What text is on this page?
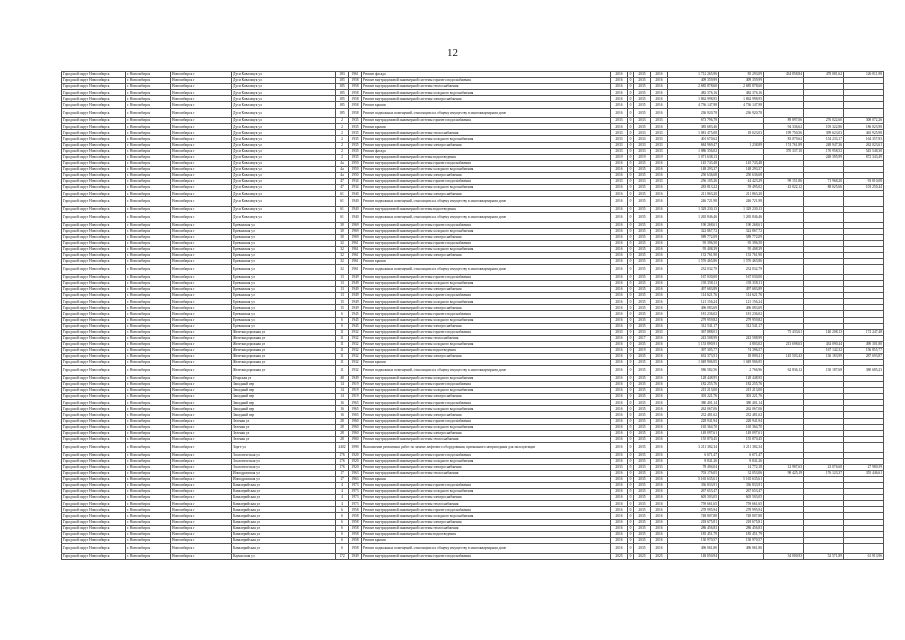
12
Городской округ Новосибирск	г. Новосибирск	Новосибирск г	Дуси Ковальчук ул	183	1961	Ремонт фасада	2016	0	2035	2016	1 712 265,96	85 293,09	434 858,84	478 081,62	126 811,98
Городской округ Новосибирск	г. Новосибирск	Новосибирск г	Дуси Ковальчук ул	185	1958	Ремонт внутридомовой инженерной системы горячего водоснабжения	2016	0	2035	2016	409 359,99	409 359,99			
Городской округ Новосибирск	г. Новосибирск	Новосибирск г	Дуси Ковальчук ул	185	1958	Ремонт внутридомовой инженерной системы теплоснабжения	2016	0	2035	2016	2 685 878,60	2 685 878,60			
Городской округ Новосибирск	г. Новосибирск	Новосибирск г	Дуси Ковальчук ул	185	1958	Ремонт внутридомовой инженерной системы холодного водоснабжения	2016	0	2035	2016	482 376,16	482 376,16			
Городской округ Новосибирск	г. Новосибирск	Новосибирск г	Дуси Ковальчук ул	185	1958	Ремонт внутридомовой инженерной системы электроснабжения	2016	0	2035	2016	1 862 998,95	1 862 998,95			
Городской округ Новосибирск	г. Новосибирск	Новосибирск г	Дуси Ковальчук ул	185	1958	Ремонт крыши	2016	0	2035	2016	4 736 147,98	4 736 147,98			
Городской округ Новосибирск	г. Новосибирск	Новосибирск г	Дуси Ковальчук ул	185	1958	Ремонт подвальных помещений, относящихся к общему имуществу в многоквартирном доме	2016	0	2035	2016	236 920,78	236 920,78			
Городской округ Новосибирск	г. Новосибирск	Новосибирск г	Дуси Ковальчук ул	2	1935	Ремонт внутридомовой инженерной системы горячего водоснабжения	2033	0	2033	2033	673 796,78		89 897,06	276 022,60	308 072,26
Городской округ Новосибирск	г. Новосибирск	Новосибирск г	Дуси Ковальчук ул	2	1935	Ремонт крыши	2016	0	2035	2016	385 683,46		94 336,62	105 322,86	186 023,98
Городской округ Новосибирск	г. Новосибирск	Новосибирск г	Дуси Ковальчук ул	2	1935	Ремонт внутридомовой инженерной системы теплоснабжения	2033	0	2033	2033	1 081 475,08	18 023,03	199 750,56	399 623,03	463 925,98
Городской округ Новосибирск	г. Новосибирск	Новосибирск г	Дуси Ковальчук ул	2	1935	Ремонт внутридомовой инженерной системы холодного водоснабжения	2033	0	2033	2033	401 670,62		83 079,62	154 233,17	164 357,83
Городской округ Новосибирск	г. Новосибирск	Новосибирск г	Дуси Ковальчук ул	2	1935	Ремонт внутридомовой инженерной системы электроснабжения	2033	0	2033	2033	684 969,47	1 238,89	174 761,89	248 947,36	262 023,61
Городской округ Новосибирск	г. Новосибирск	Новосибирск г	Дуси Ковальчук ул	2	1935	Ремонт фасада	2033	0	2033	2033	1 086 356,02		370 337,10	170 958,52	545 548,30
Городской округ Новосибирск	г. Новосибирск	Новосибирск г	Дуси Ковальчук ул	2	1935	Ремонт внутридомовой инженерной системы водоотведения	2019	0	2019	2019	1 071 638,13			248 395,99	872 343,49
Городской округ Новосибирск	г. Новосибирск	Новосибирск г	Дуси Ковальчук ул	4а	1950	Ремонт внутридомовой инженерной системы горячего водоснабжения	2016	0	2035	2016	145 743,48	145 743,48			
Городской округ Новосибирск	г. Новосибирск	Новосибирск г	Дуси Ковальчук ул	4а	1950	Ремонт внутридомовой инженерной системы холодного водоснабжения	2016	0	2035	2016	148 293,37	148 293,37			
Городской округ Новосибирск	г. Новосибирск	Новосибирск г	Дуси Ковальчук ул	4а	1950	Ремонт внутридомовой инженерной системы электроснабжения	2016	0	2035	2016	250 636,68	250 636,68			
Городской округ Новосибирск	г. Новосибирск	Новосибирск г	Дуси Ковальчук ул	47	1934	Ремонт внутридомовой инженерной системы горячего водоснабжения	2033	0	2033	2033	256 105,26	44 423,29	99 151,86	71 968,20	93 810,08
Городской округ Новосибирск	г. Новосибирск	Новосибирск г	Дуси Ковальчук ул	47	1934	Ремонт внутридомовой инженерной системы холодного водоснабжения	2016	0	2035	2016	283 813,22	59 495,02	43 022,12	88 025,66	103 250,44
Городской округ Новосибирск	г. Новосибирск	Новосибирск г	Дуси Ковальчук ул	61	1940	Ремонт внутридомовой инженерной системы электроснабжения	2016	0	2035	2016	211 863,20	211 863,20			
Городской округ Новосибирск	г. Новосибирск	Новосибирск г	Дуси Ковальчук ул	61	1940	Ремонт подвальных помещений, относящихся к общему имуществу в многоквартирном доме	2016	0	2035	2016	246 721,98	246 721,98			
Городской округ Новосибирск	г. Новосибирск	Новосибирск г	Дуси Ковальчук ул	61	1940	Ремонт внутридомовой инженерной системы водоотведения	2016	0	2035	2016	1 329 230,13	1 329 230,13			
Городской округ Новосибирск	г. Новосибирск	Новосибирск г	Дуси Ковальчук ул	61	1940	Ремонт подвальных помещений, относящихся к общему имуществу в многоквартирном доме	2016	0	2035	2016	1 265 846,46	1 265 846,46			
Городской округ Новосибирск	г. Новосибирск	Новосибирск г	Ереванская ул	30	1969	Ремонт внутридомовой инженерной системы горячего водоснабжения	2016	0	2035	2016	190 268,61	190 268,61			
Городской округ Новосибирск	г. Новосибирск	Новосибирск г	Ереванская ул	30	1969	Ремонт внутридомовой инженерной системы холодного водоснабжения	2016	0	2035	2016	322 867,72	322 867,72			
Городской округ Новосибирск	г. Новосибирск	Новосибирск г	Ереванская ул	30	1969	Ремонт внутридомовой инженерной системы электроснабжения	2016	0	2035	2016	589 772,09	589 772,09			
Городской округ Новосибирск	г. Новосибирск	Новосибирск г	Ереванская ул	32	1961	Ремонт внутридомовой инженерной системы горячего водоснабжения	2016	0	2035	2016	95 396,50	95 396,50			
Городской округ Новосибирск	г. Новосибирск	Новосибирск г	Ереванская ул	32	1961	Ремонт внутридомовой инженерной системы холодного водоснабжения	2016	0	2035	2016	95 408,39	95 408,39			
Городской округ Новосибирск	г. Новосибирск	Новосибирск г	Ереванская ул	32	1961	Ремонт внутридомовой инженерной системы электроснабжения	2016	0	2035	2016	133 761,90	133 761,90			
Городской округ Новосибирск	г. Новосибирск	Новосибирск г	Ереванская ул	32	1961	Ремонт крыши	2016	0	2035	2016	1 576 465,86	1 576 465,86			
Городской округ Новосибирск	г. Новосибирск	Новосибирск г	Ереванская ул	32	1961	Ремонт подвальных помещений, относящихся к общему имуществу в многоквартирном доме	2016	0	2035	2016	232 032,79	232 032,79			
Городской округ Новосибирск	г. Новосибирск	Новосибирск г	Ереванская ул	13	1949	Ремонт внутридомовой инженерной системы горячего водоснабжения	2016	0	2035	2016	167 030,00	167 030,00			
Городской округ Новосибирск	г. Новосибирск	Новосибирск г	Ереванская ул	13	1949	Ремонт внутридомовой инженерной системы холодного водоснабжения	2016	0	2035	2016	193 358,11	193 358,11			
Городской округ Новосибирск	г. Новосибирск	Новосибирск г	Ереванская ул	13	1949	Ремонт внутридомовой инженерной системы электроснабжения	2016	0	2035	2016	497 683,89	497 683,89			
Городской округ Новосибирск	г. Новосибирск	Новосибирск г	Ереванская ул	13	1949	Ремонт внутридомовой инженерной системы горячего водоснабжения	2016	0	2035	2016	114 621,76	114 621,76			
Городской округ Новосибирск	г. Новосибирск	Новосибирск г	Ереванская ул	15	1949	Ремонт внутридомовой инженерной системы холодного водоснабжения	2016	0	2035	2016	121 156,24	121 156,24			
Городской округ Новосибирск	г. Новосибирск	Новосибирск г	Ереванская ул	15	1949	Ремонт внутридомовой инженерной системы электроснабжения	2016	0	2035	2016	496 083,69	496 083,69			
Городской округ Новосибирск	г. Новосибирск	Новосибирск г	Ереванская ул	6	1945	Ремонт внутридомовой инженерной системы горячего водоснабжения	2016	0	2035	2016	181 236,02	181 236,02			
Городской округ Новосибирск	г. Новосибирск	Новосибирск г	Ереванская ул	6	1945	Ремонт внутридомовой инженерной системы холодного водоснабжения	2016	0	2035	2016	279 959,82	279 959,82			
Городской округ Новосибирск	г. Новосибирск	Новосибирск г	Ереванская ул	6	1945	Ремонт внутридомовой инженерной системы электроснабжения	2016	0	2035	2016	312 541,17	312 541,17			
Городской округ Новосибирск	г. Новосибирск	Новосибирск г	Железнодорожная ул	11	1932	Ремонт внутридомовой инженерной системы горячего водоснабжения	2033	0	2033	2033	367 888,01		75 433,61	140 208,13	172 247,48
Городской округ Новосибирск	г. Новосибирск	Новосибирск г	Железнодорожная ул	11	1932	Ремонт внутридомовой инженерной системы теплоснабжения	2016	0	2017	2016	243 508,99	243 508,99			
Городской округ Новосибирск	г. Новосибирск	Новосибирск г	Железнодорожная ул	11	1932	Ремонт внутридомовой инженерной системы холодного водоснабжения	2016	0	2035	2016	1 153 890,91	4 803,02	213 698,63	434 090,44	490 301,80
Городской округ Новосибирск	г. Новосибирск	Новосибирск г	Железнодорожная ул	11	1932	Ремонт внутридомовой инженерной системы водоотведения	2016	0	2019	2016	397 305,77	74 396,57		167 142,32	156 855,77
Городской округ Новосибирск	г. Новосибирск	Новосибирск г	Железнодорожная ул	11	1932	Ремонт внутридомовой инженерной системы электроснабжения	2016	0	2035	2016	633 373,51	18 809,21	145 503,43	136 183,99	287 693,87
Городской округ Новосибирск	г. Новосибирск	Новосибирск г	Железнодорожная ул	11	1932	Ремонт крыши	2016	0	2035	2016	1 049 906,95	1 049 906,95			
Городской округ Новосибирск	г. Новосибирск	Новосибирск г	Железнодорожная ул	11	1932	Ремонт подвальных помещений, относящихся к общему имуществу в многоквартирном доме	2016	0	2035	2016	586 582,56	2 766,96	62 836,12	130 187,68	380 685,23
Городской округ Новосибирск	г. Новосибирск	Новосибирск г	Игарская ул	48	1949	Ремонт внутридомовой инженерной системы холодного водоснабжения	2016	0	2035	2016	128 448,95	128 448,95			
Городской округ Новосибирск	г. Новосибирск	Новосибирск г	Западный пер	14	1919	Ремонт внутридомовой инженерной системы горячего водоснабжения	2016	0	2035	2016	182 255,76	182 255,76			
Городской округ Новосибирск	г. Новосибирск	Новосибирск г	Западный пер	14	1919	Ремонт внутридомовой инженерной системы холодного водоснабжения	2016	0	2035	2016	215 213,00	215 213,00			
Городской округ Новосибирск	г. Новосибирск	Новосибирск г	Западный пер	14	1919	Ремонт внутридомовой инженерной системы электроснабжения	2016	0	2035	2016	303 221,76	303 221,76			
Городской округ Новосибирск	г. Новосибирск	Новосибирск г	Западный пер	16	1965	Ремонт внутридомовой инженерной системы горячего водоснабжения	2016	0	2035	2016	380 401,14	380 401,14			
Городской округ Новосибирск	г. Новосибирск	Новосибирск г	Западный пер	16	1965	Ремонт внутридомовой инженерной системы холодного водоснабжения	2016	0	2035	2016	262 067,06	262 067,06			
Городской округ Новосибирск	г. Новосибирск	Новосибирск г	Западный пер	16	1965	Ремонт внутридомовой инженерной системы электроснабжения	2016	0	2035	2016	232 481,62	232 481,62			
Городской округ Новосибирск	г. Новосибирск	Новосибирск г	Зеленая ул	28	1960	Ремонт внутридомовой инженерной системы горячего водоснабжения	2016	0	2035	2016	228 941,94	228 941,94			
Городской округ Новосибирск	г. Новосибирск	Новосибирск г	Зеленая ул	28	1960	Ремонт внутридомовой инженерной системы холодного водоснабжения	2016	0	2035	2016	165 364,70	165 364,70			
Городской округ Новосибирск	г. Новосибирск	Новосибирск г	Зеленая ул	28	1960	Ремонт внутридомовой инженерной системы электроснабжения	2016	0	2035	2016	149 097,61	149 097,61			
Городской округ Новосибирск	г. Новосибирск	Новосибирск г	Зеленая ул	28	1960	Ремонт внутридомовой инженерной системы теплоснабжения	2016	0	2035	2016	155 870,45	155 870,45			
Городской округ Новосибирск	г. Новосибирск	Новосибирск г	Зорге ул	2402	1990	Выполнение ремонтных работ по замене лифтового оборудования, признанного непригодным для эксплуатации	2016	0	2035	2016	3 211 382,34	3 211 382,34			
Городской округ Новосибирск	г. Новосибирск	Новосибирск г	Зоологическая ул	176	1920	Ремонт внутридомовой инженерной системы горячего водоснабжения	2016	0	2035	2016	6 671,47	6 671,47			
Городской округ Новосибирск	г. Новосибирск	Новосибирск г	Зоологическая ул	176	1920	Ремонт внутридомовой инженерной системы холодного водоснабжения	2016	0	2035	2016	8 841,26	8 841,26			
Городской округ Новосибирск	г. Новосибирск	Новосибирск г	Зоологическая ул	176	1920	Ремонт внутридомовой инженерной системы электроснабжения	2033	0	2033	2033	78 494,04	14 772,18	12 987,63	23 076,60	27 980,59
Городской округ Новосибирск	г. Новосибирск	Новосибирск г	Ипподромская ул	17	1963	Ремонт внутридомовой инженерной системы теплоснабжения	2016	0	2035	2016	703 176,05	32 053,06	98 425,19	176 123,37	355 446,61
Городской округ Новосибирск	г. Новосибирск	Новосибирск г	Ипподромская ул	17	1963	Ремонт крыши	2016	0	2035	2016	5 165 635,61	5 165 635,61			
Городской округ Новосибирск	г. Новосибирск	Новосибирск г	Кавалерийская ул	4	1973	Ремонт внутридомовой инженерной системы горячего водоснабжения	2016	0	2035	2016	336 833,91	336 833,91			
Городской округ Новосибирск	г. Новосибирск	Новосибирск г	Кавалерийская ул	4	1973	Ремонт внутридомовой инженерной системы холодного водоснабжения	2016	0	2035	2016	267 653,47	267 653,47			
Городской округ Новосибирск	г. Новосибирск	Новосибирск г	Кавалерийская ул	4	1973	Ремонт внутридомовой инженерной системы электроснабжения	2016	0	2035	2016	605 503,05	605 503,05			
Городской округ Новосибирск	г. Новосибирск	Новосибирск г	Кавалерийская ул	4	1973	Ремонт внутридомовой инженерной системы теплоснабжения	2016	0	2035	2016	759 661,65	759 661,65			
Городской округ Новосибирск	г. Новосибирск	Новосибирск г	Кавалерийская ул	6	1958	Ремонт внутридомовой инженерной системы горячего водоснабжения	2016	0	2035	2016	278 995,94	278 995,94			
Городской округ Новосибирск	г. Новосибирск	Новосибирск г	Кавалерийская ул	6	1958	Ремонт внутридомовой инженерной системы холодного водоснабжения	2016	0	2035	2016	748 807,88	748 807,88			
Городской округ Новосибирск	г. Новосибирск	Новосибирск г	Кавалерийская ул	6	1958	Ремонт внутридомовой инженерной системы электроснабжения	2016	0	2035	2016	218 675,81	218 675,81			
Городской округ Новосибирск	г. Новосибирск	Новосибирск г	Кавалерийская ул	6	1958	Ремонт внутридомовой инженерной системы теплоснабжения	2016	0	2035	2016	286 456,83	286 456,83			
Городской округ Новосибирск	г. Новосибирск	Новосибирск г	Кавалерийская ул	6	1958	Ремонт внутридомовой инженерной системы водоотведения	2016	0	2035	2016	185 451,79	185 451,79			
Городской округ Новосибирск	г. Новосибирск	Новосибирск г	Кавалерийская ул	6	1958	Ремонт крыши	2016	0	2035	2016	130 970,57	130 970,57			
Городской округ Новосибирск	г. Новосибирск	Новосибирск г	Кавалерийская ул	6	1958	Ремонт подвальных помещений, относящихся к общему имуществу в многоквартирном доме	2016	0	2035	2016	496 061,80	496 061,80			
Городской округ Новосибирск	г. Новосибирск	Новосибирск г	Каунасская ул	172	1949	Ремонт внутридомовой инженерной системы горячего водоснабжения	2025	0	2025	2025	148 050,94		34 000,93	52 571,89	61 913,96
